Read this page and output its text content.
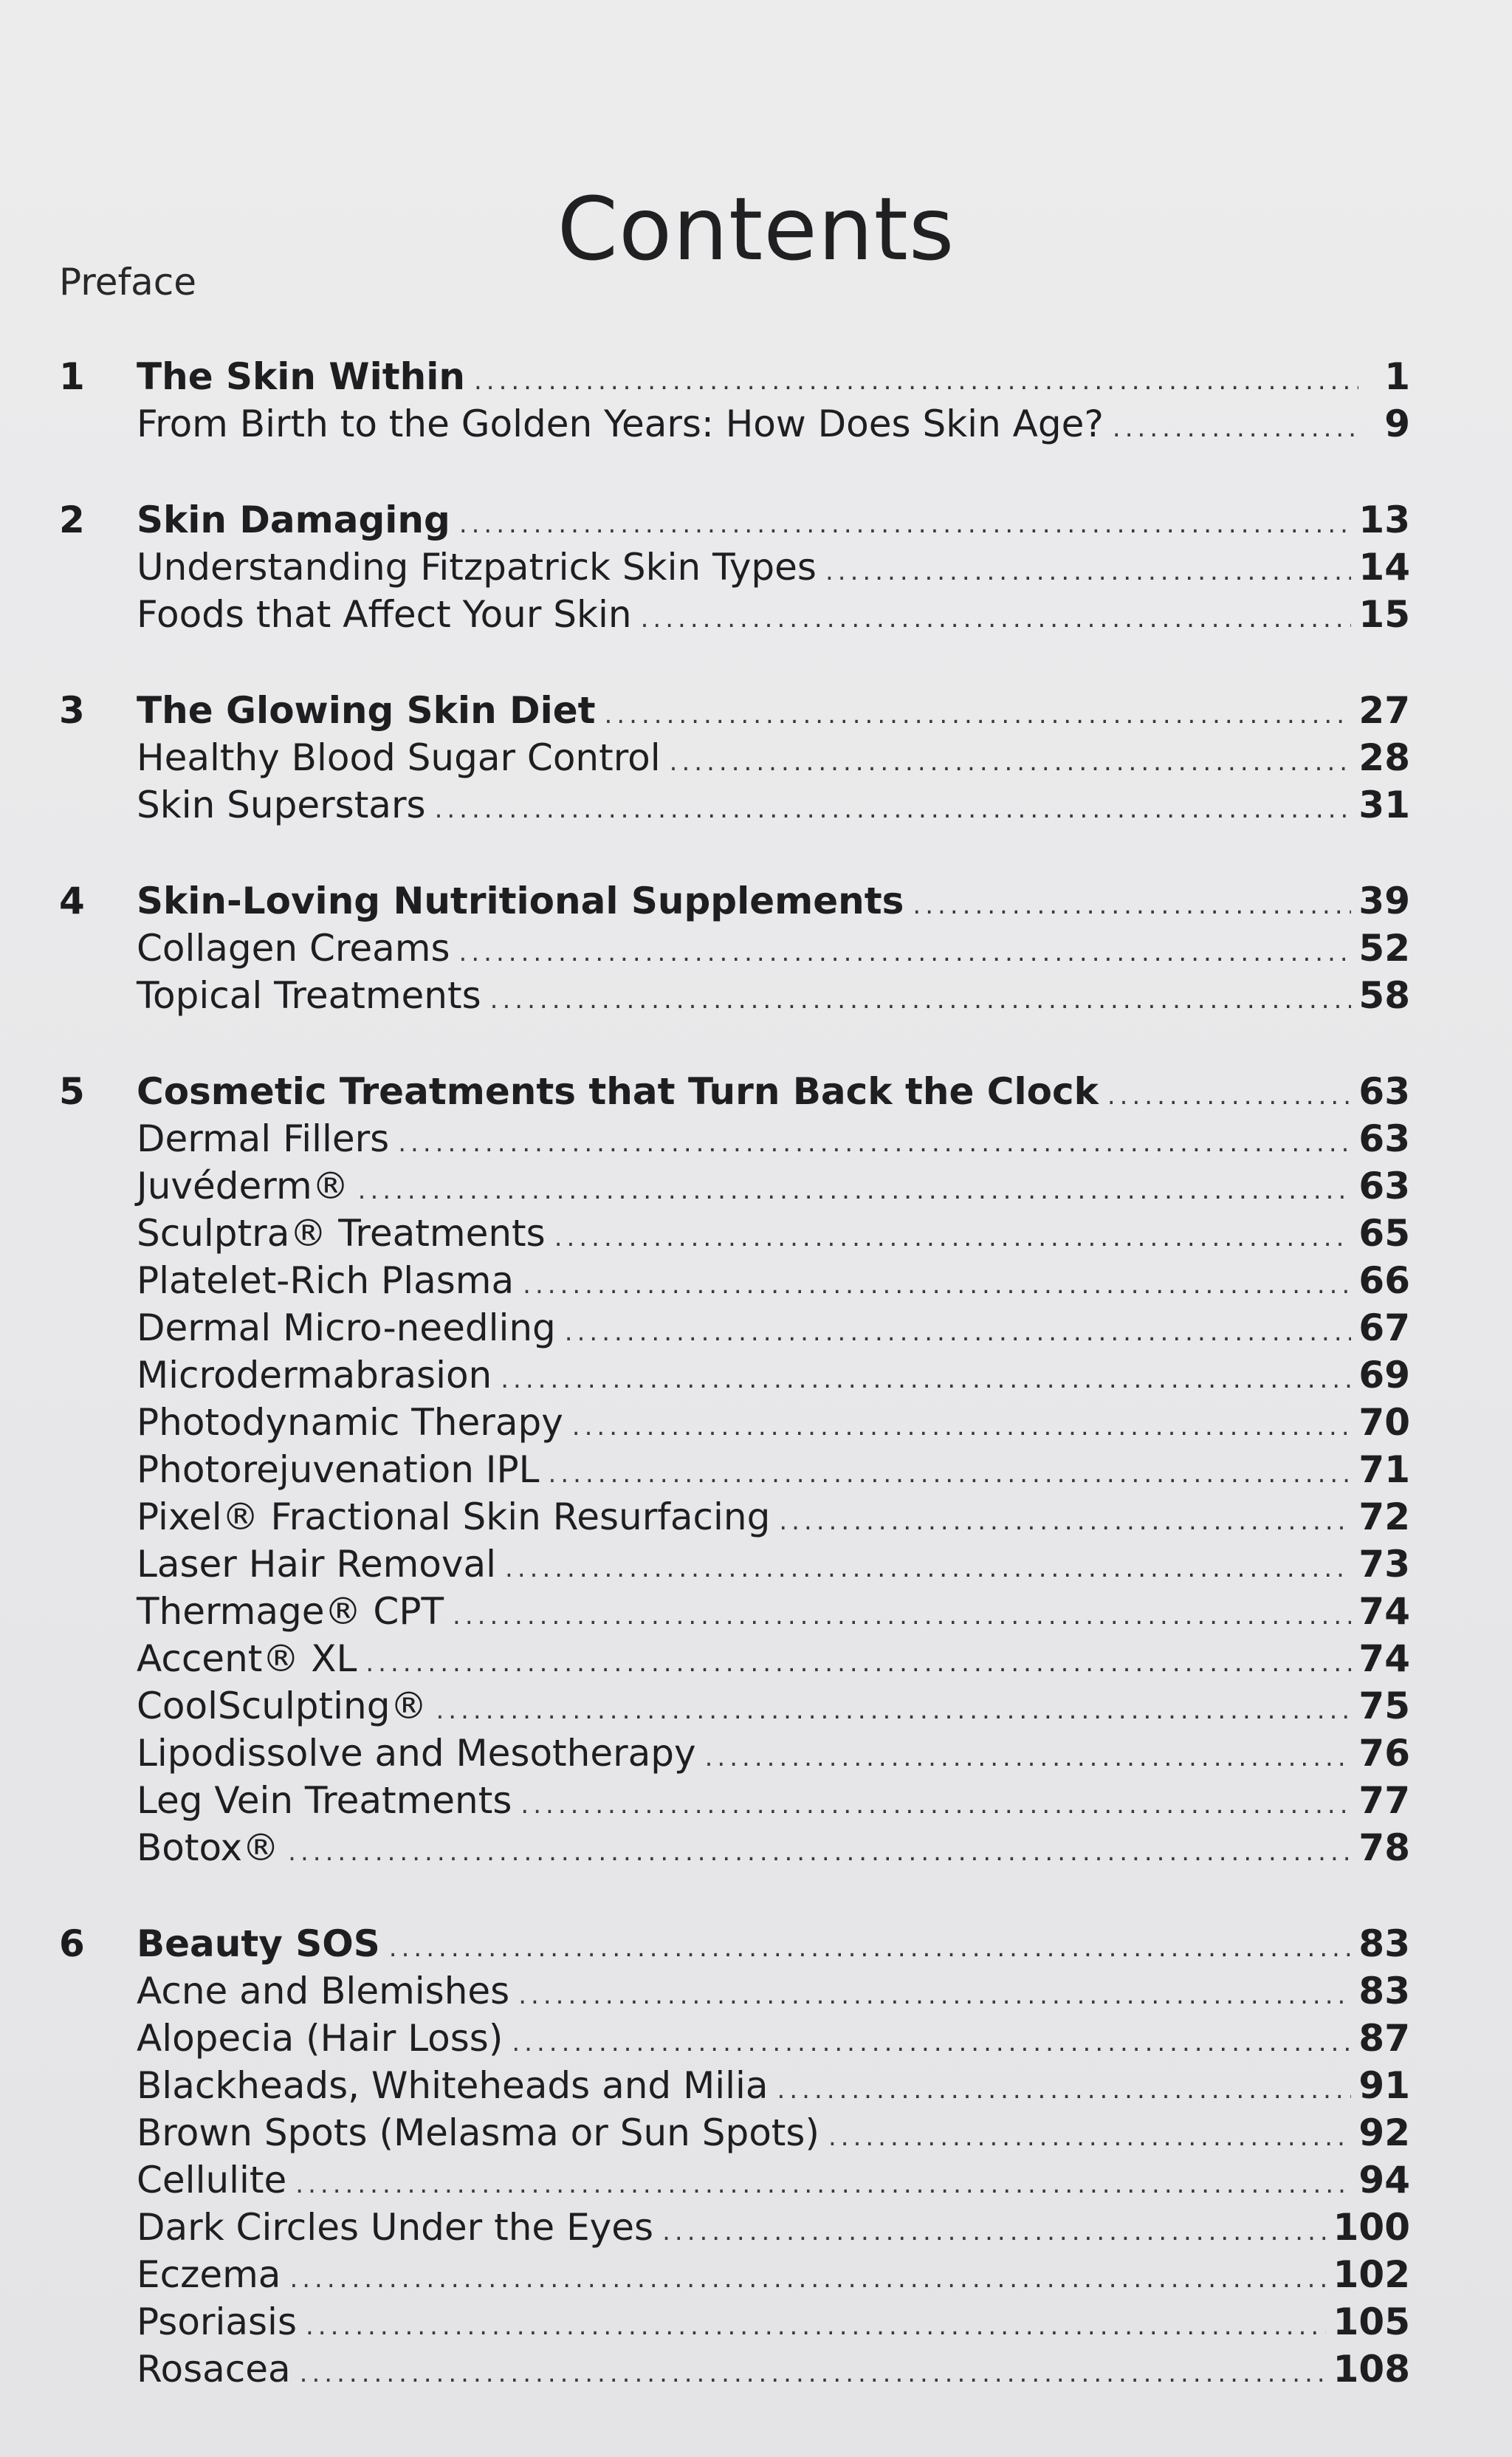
Contents
Preface
1 The Skin Within .....	1
From Birth to the Golden Years: How Does Skin Age? .....	9
2 Skin Damaging .....	13
Understanding Fitzpatrick Skin Types .....	14
Foods that Affect Your Skin .....	15
3 The Glowing Skin Diet .....	27
Healthy Blood Sugar Control .....	28
Skin Superstars .....	31
4 Skin-Loving Nutritional Supplements .....	39
Collagen Creams .....	52
Topical Treatments .....	58
5 Cosmetic Treatments that Turn Back the Clock .....	63
Dermal Fillers .....	63
Juvéderm® .....	63
Sculptra® Treatments .....	65
Platelet-Rich Plasma .....	66
Dermal Micro-needling .....	67
Microdermabrasion .....	69
Photodynamic Therapy .....	70
Photorejuvenation IPL .....	71
Pixel® Fractional Skin Resurfacing .....	72
Laser Hair Removal .....	73
Thermage® CPT .....	74
Accent® XL .....	74
CoolSculpting® .....	75
Lipodissolve and Mesotherapy .....	76
Leg Vein Treatments .....	77
Botox® .....	78
6 Beauty SOS .....	83
Acne and Blemishes .....	83
Alopecia (Hair Loss) .....	87
Blackheads, Whiteheads and Milia .....	91
Brown Spots (Melasma or Sun Spots) .....	92
Cellulite .....	94
Dark Circles Under the Eyes .....	100
Eczema .....	102
Psoriasis .....	105
Rosacea .....	108
